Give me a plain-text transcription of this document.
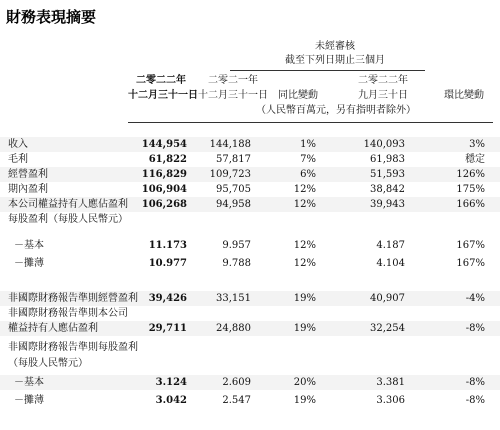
財務表現摘要
未經審核
截至下列日期止三個月
二零二二年
十二月三十一日
二零二一年
十二月三十一日	同比變動
二零二二年
九月三十日	環比變動
（人民幣百萬元，另有指明者除外）
收入	144,954	144,188	1%	140,093	3%
毛利	61,822	57,817	7%	61,983	穩定
經營盈利	116,829	109,723	6%	51,593	126%
期內盈利	106,904	95,705	12%	38,842	175%
本公司權益持有人應佔盈利 106,268	94,958	12%	39,943	166%
每股盈利（每股人民幣元）
－基本	11.173	9.957	12%	4.187	167%
－攤薄	10.977	9.788	12%	4.104	167%
非國際財務報告準則經營盈利	39,426	33,151	19%	40,907	-4%
非國際財務報告準則本公司
權益持有人應佔盈利	29,711	24,880	19%	32,254	-8%
非國際財務報告準則每股盈利
（每股人民幣元）
－基本	3.124	2.609	20%	3.381	-8%
－攤薄	3.042	2.547	19%	3.306	-8%
